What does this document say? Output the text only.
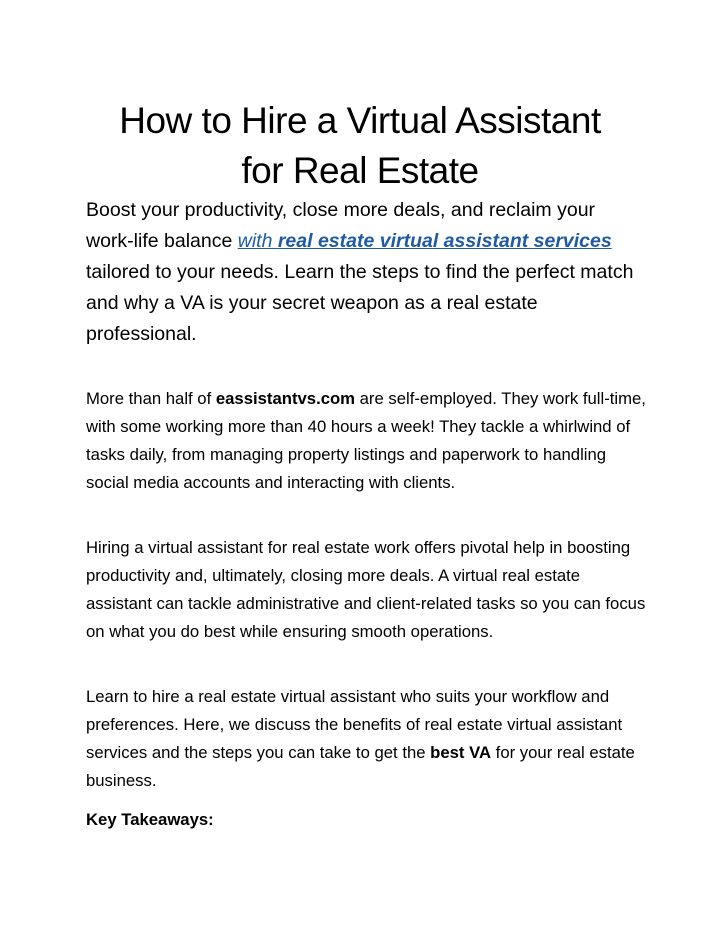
How to Hire a Virtual Assistant
for Real Estate

Boost your productivity, close more deals, and reclaim your work-life balance with real estate virtual assistant services tailored to your needs. Learn the steps to find the perfect match and why a VA is your secret weapon as a real estate professional.

More than half of eassistantvs.com are self-employed. They work full-time, with some working more than 40 hours a week! They tackle a whirlwind of tasks daily, from managing property listings and paperwork to handling social media accounts and interacting with clients.

Hiring a virtual assistant for real estate work offers pivotal help in boosting productivity and, ultimately, closing more deals. A virtual real estate assistant can tackle administrative and client-related tasks so you can focus on what you do best while ensuring smooth operations.

Learn to hire a real estate virtual assistant who suits your workflow and preferences. Here, we discuss the benefits of real estate virtual assistant services and the steps you can take to get the best VA for your real estate business.

Key Takeaways:
